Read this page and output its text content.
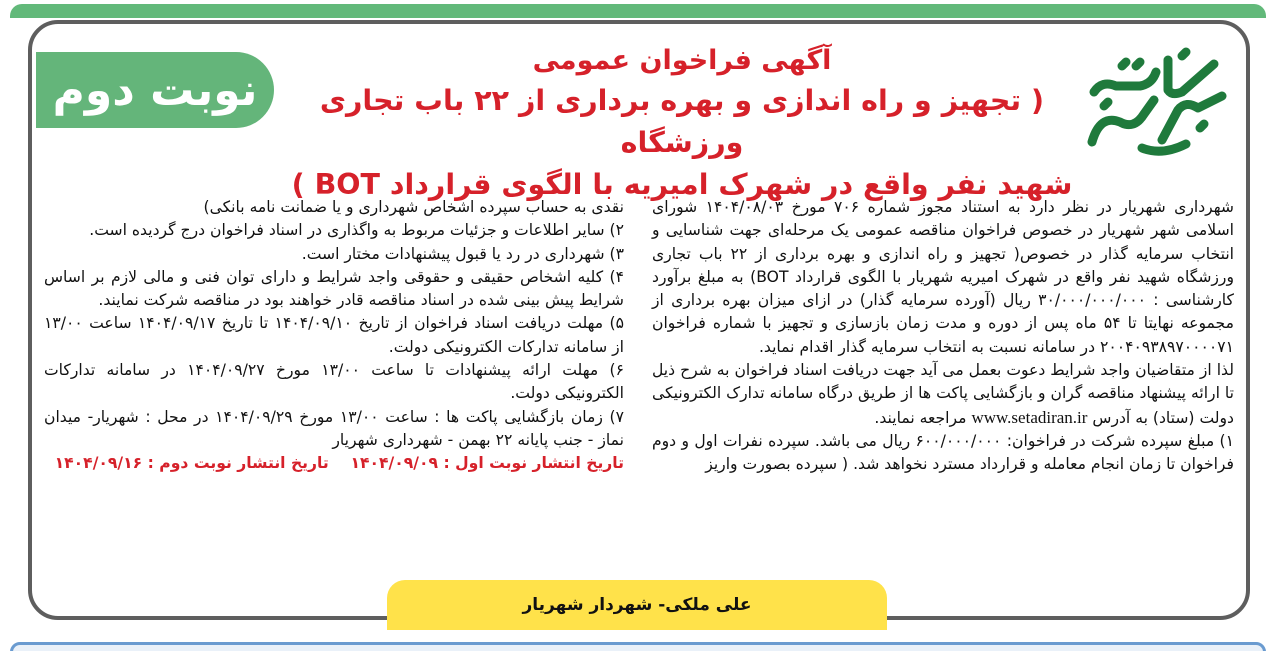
نوبت دوم
آگهی فراخوان عمومی
( تجهیز و راه اندازی و بهره برداری از ۲۲ باب تجاری ورزشگاه
شهید نفر واقع در شهرک امیریه با الگوی قرارداد BOT )

شهرداری شهریار در نظر دارد به استناد مجوز شماره ۷۰۶ مورخ ۱۴۰۴/۰۸/۰۳ شورای اسلامی شهر شهریار در خصوص فراخوان مناقصه عمومی یک مرحله‌ای جهت شناسایی و انتخاب سرمایه گذار در خصوص( تجهیز و راه اندازی و بهره برداری از ۲۲ باب تجاری ورزشگاه شهید نفر واقع در شهرک امیریه شهریار با الگوی قرارداد BOT) به مبلغ برآورد کارشناسی : ۳۰/۰۰۰/۰۰۰/۰۰۰ ریال (آورده سرمایه گذار) در ازای میزان بهره برداری از مجموعه نهایتا تا ۵۴ ماه پس از دوره و مدت زمان بازسازی و تجهیز با شماره فراخوان ۲۰۰۴۰۹۳۸۹۷۰۰۰۰۷۱ در سامانه نسبت به انتخاب سرمایه گذار اقدام نماید.

لذا از متقاضیان واجد شرایط دعوت بعمل می آید جهت دریافت اسناد فراخوان به شرح ذیل تا ارائه پیشنهاد مناقصه گران و بازگشایی پاکت ها از طریق درگاه سامانه تدارک الکترونیکی دولت (ستاد) به آدرس www.setadiran.ir مراجعه نمایند.

۱) مبلغ سپرده شرکت در فراخوان: ۶۰۰/۰۰۰/۰۰۰ ریال می باشد. سپرده نفرات اول و دوم فراخوان تا زمان انجام معامله و قرارداد مسترد نخواهد شد. ( سپرده بصورت واریز

نقدی به حساب سپرده اشخاص شهرداری و یا ضمانت نامه بانکی)

۲) سایر اطلاعات و جزئیات مربوط به واگذاری در اسناد فراخوان درج گردیده است.

۳) شهرداری در رد یا قبول پیشنهادات مختار است.

۴) کلیه اشخاص حقیقی و حقوقی واجد شرایط و دارای توان فنی و مالی لازم بر اساس شرایط پیش بینی شده در اسناد مناقصه قادر خواهند بود در مناقصه شرکت نمایند.

۵) مهلت دریافت اسناد فراخوان از تاریخ ۱۴۰۴/۰۹/۱۰ تا تاریخ ۱۴۰۴/۰۹/۱۷ ساعت ۱۳/۰۰ از سامانه تدارکات الکترونیکی دولت.

۶) مهلت ارائه پیشنهادات تا ساعت ۱۳/۰۰ مورخ ۱۴۰۴/۰۹/۲۷ در سامانه تدارکات الکترونیکی دولت.

۷) زمان بازگشایی پاکت ها : ساعت ۱۳/۰۰ مورخ ۱۴۰۴/۰۹/۲۹ در محل : شهریار- میدان نماز - جنب پایانه ۲۲ بهمن - شهرداری شهریار

تاریخ انتشار نوبت اول : ۱۴۰۴/۰۹/۰۹    تاریخ انتشار نوبت دوم : ۱۴۰۴/۰۹/۱۶

علی ملکی- شهردار شهریار
